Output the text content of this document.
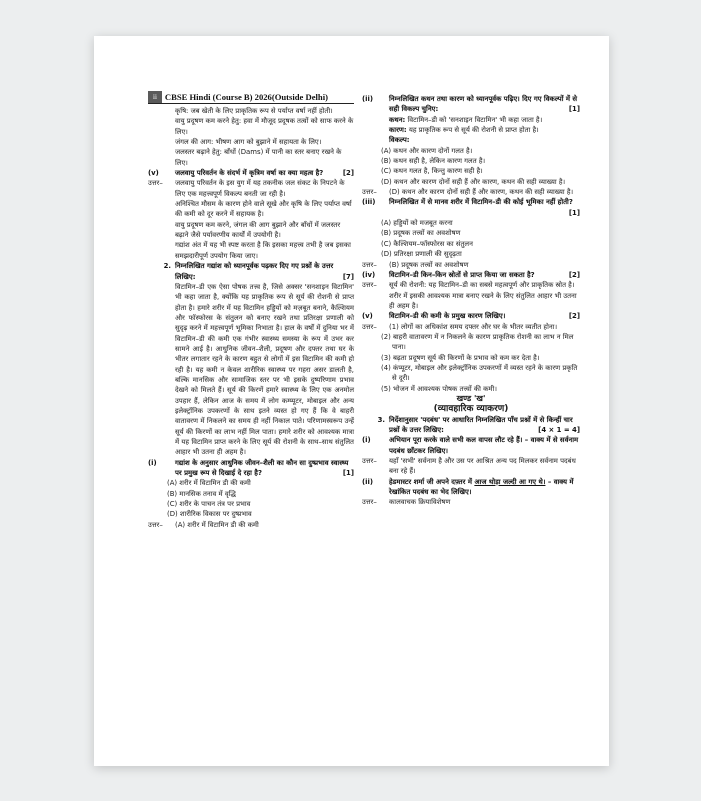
ii CBSE Hindi (Course B) 2026(Outside Delhi)
कृषि: जब खेती के लिए प्राकृतिक रूप से पर्याप्त वर्षा नहीं होती।
वायु प्रदूषण कम करने हेतु: हवा में मौजूद प्रदूषक तत्वों को साफ करने के लिए।
जंगल की आग: भीषण आग को बुझाने में सहायता के लिए।
जलस्तर बढ़ाने हेतु: बाँधों (Dams) में पानी का स्तर बनाए रखने के लिए।
(v)	जलवायु परिवर्तन के संदर्भ में कृत्रिम वर्षा का क्या महत्व है?	[2]
उत्तर–	जलवायु परिवर्तन के इस युग में यह तकनीक जल संकट के निपटने के लिए एक महत्त्वपूर्ण विकल्प बनती जा रही है।
अनिश्चित मौसम के कारण होने वाले सूखे और कृषि के लिए पर्याप्त वर्षा की कमी को दूर करने में सहायक है।
वायु प्रदूषण कम करने, जंगल की आग बुझाने और बाँधों में जलस्तर बढ़ाने जैसे पर्यावरणीय कार्यों में उपयोगी है।
गद्यांश अंत में यह भी स्पष्ट करता है कि इसका महत्त्व तभी है जब इसका समझदारीपूर्ण उपयोग किया जाए।
2. निम्नलिखित गद्यांश को ध्यानपूर्वक पढ़कर दिए गए प्रश्नों के उत्तर लिखिए:	[7]
विटामिन–डी एक ऐसा पोषक तत्त्व है, जिसे अक्सर 'सनशाइन विटामिन' भी कहा जाता है, क्योंकि यह प्राकृतिक रूप से सूर्य की रोशनी से प्राप्त होता है। हमारे शरीर में यह विटामिन हड्डियों को मज़बूत बनाने, कैल्शियम और फॉस्फोरस के संतुलन को बनाए रखने तथा प्रतिरक्षा प्रणाली को सुदृढ़ करने में महत्त्वपूर्ण भूमिका निभाता है। हाल के वर्षों में दुनिया भर में विटामिन–डी की कमी एक गंभीर स्वास्थ्य समस्या के रूप में उभर कर सामने आई है। आधुनिक जीवन–शैली, प्रदूषण और दफ्तर तथा घर के भीतर लगातार रहने के कारण बहुत से लोगों में इस विटामिन की कमी हो रही है। यह कमी न केवल शारीरिक स्वास्थ्य पर गहरा असर डालती है, बल्कि मानसिक और सामाजिक स्तर पर भी इसके दुष्परिणाम प्रभाव देखने को मिलते हैं। सूर्य की किरणें हमारे स्वास्थ्य के लिए एक अनमोल उपहार हैं, लेकिन आज के समय में लोग कम्प्यूटर, मोबाइल और अन्य इलेक्ट्रॉनिक उपकरणों के साथ इतने व्यस्त हो गए हैं कि वे बाहरी वातावरण में निकलने का समय ही नहीं निकाल पाते। परिणामस्वरूप उन्हें सूर्य की किरणों का लाभ नहीं मिल पाता। हमारे शरीर को आवश्यक मात्रा में यह विटामिन प्राप्त करने के लिए सूर्य की रोशनी के साथ–साथ संतुलित आहार भी उतना ही अहम है।
(i)	गद्यांश के अनुसार आधुनिक जीवन–शैली का कौन सा दुष्प्रभाव स्वास्थ्य पर प्रमुख रूप से दिखाई दे रहा है?	[1]
(A) शरीर में विटामिन डी की कमी
(B) मानसिक तनाव में वृद्धि
(C) शरीर के पाचन तंत्र पर प्रभाव
(D) शारीरिक विकास पर दुष्प्रभाव
उत्तर–	(A) शरीर में विटामिन डी की कमी
(ii)	निम्नलिखित कथन तथा कारण को ध्यानपूर्वक पढ़िए। दिए गए विकल्पों में से सही विकल्प चुनिए:	[1]
कथन: विटामिन–डी को 'सनशाइन विटामिन' भी कहा जाता है।
कारण: यह प्राकृतिक रूप से सूर्य की रोशनी से प्राप्त होता है।
विकल्प:
(A) कथन और कारण दोनों गलत है।
(B) कथन सही है, लेकिन कारण गलत है।
(C) कथन गलत है, किन्तु कारण सही है।
(D) कथन और कारण दोनों सही हैं और कारण, कथन की सही व्याख्या है।
उत्तर–	(D) कथन और कारण दोनों सही हैं और कारण, कथन की सही व्याख्या है।
(iii)	निम्नलिखित में से मानव शरीर में विटामिन–डी की कोई भूमिका नहीं होती?
[1]
(A) हड्डियों को मजबूत करना
(B) प्रदूषक तत्त्वों का अवशोषण
(C) कैल्शियम–फॉस्फोरस का संतुलन
(D) प्रतिरक्षा प्रणाली की सुदृढ़ता
उत्तर–	(B) प्रदूषक तत्त्वों का अवशोषण
(iv)	विटामिन–डी किन–किन स्रोतों से प्राप्त किया जा सकता है?	[2]
उत्तर–	सूर्य की रोशनी: यह विटामिन–डी का सबसे महत्वपूर्ण और प्राकृतिक स्रोत है। शरीर में इसकी आवश्यक मात्रा बनाए रखने के लिए संतुलित आहार भी उतना ही अहम है।
(v)	विटामिन–डी की कमी के प्रमुख कारण लिखिए।	[2]
उत्तर–	(1) लोगों का अधिकांश समय दफ्तर और घर के भीतर व्यतीत होना।
(2) बाहरी वातावरण में न निकलने के कारण प्राकृतिक रोशनी का लाभ न मिल पाना।
(3) बढ़ता प्रदूषण सूर्य की किरणों के प्रभाव को कम कर देता है।
(4) कंप्यूटर, मोबाइल और इलेक्ट्रॉनिक उपकरणों में व्यस्त रहने के कारण प्रकृति से दूरी।
(5) भोजन में आवश्यक पोषक तत्त्वों की कमी।
खण्ड 'ख'
(व्यावहारिक व्याकरण)
3. निर्देशानुसार 'पदबंध' पर आधारित निम्नलिखित पाँच प्रश्नों में से किन्हीं चार प्रश्नों के उत्तर लिखिए:	[4 × 1 = 4]
(i)	अभियान पूरा करके वाले सभी कल वापस लौट रहे हैं। – वाक्य में से सर्वनाम पदबंध छाँटकर लिखिए।
उत्तर–	यहाँ 'सभी' सर्वनाम है और उस पर आश्रित अन्य पद मिलकर सर्वनाम पदबंध बना रहे हैं।
(ii)	हेडमास्टर शर्मा जी अपने दफ़्तर में आज थोड़ा जल्दी आ गए थे। – वाक्य में रेखांकित पदबंध का भेद लिखिए।
उत्तर–	कालवाचक क्रियाविशेषण
